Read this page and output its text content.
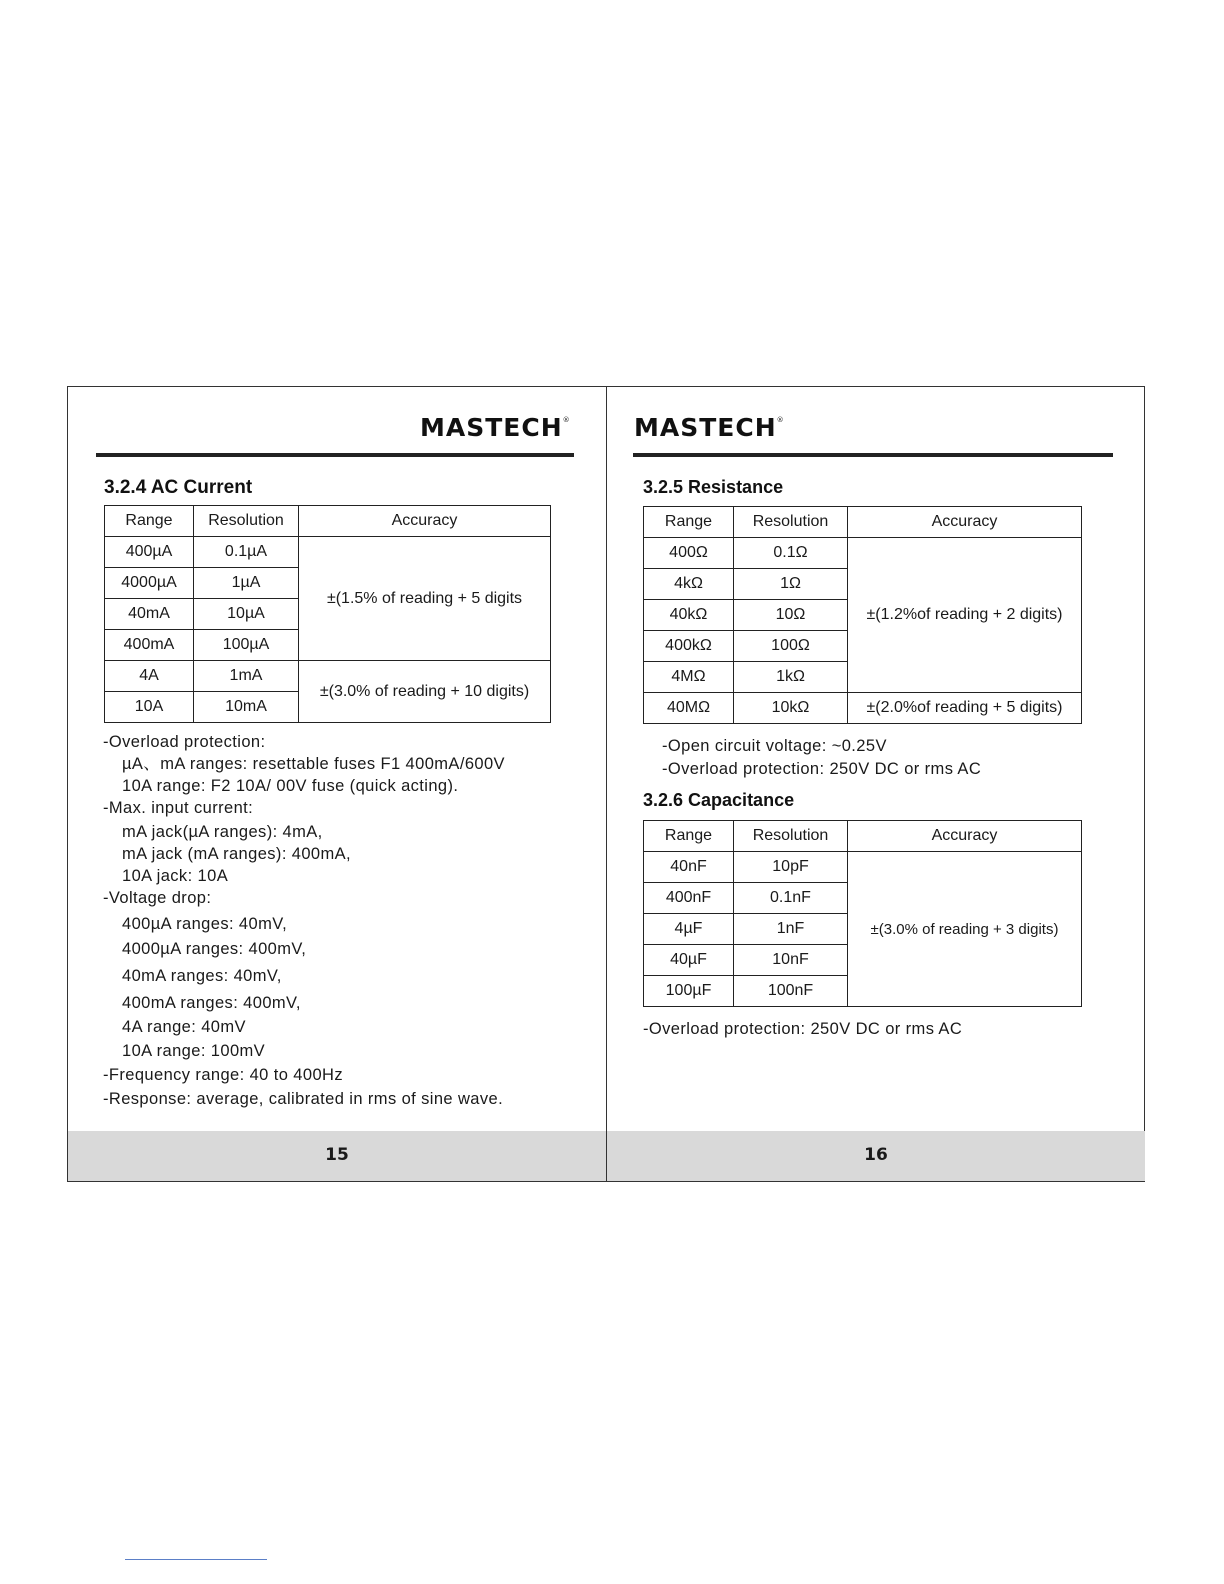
MASTECH®
3.2.4 AC Current
Range	Resolution	Accuracy
400µA	0.1µA	±(1.5% of reading + 5 digits
4000µA	1µA	
40mA	10µA	
400mA	100µA	
4A	1mA	±(3.0% of reading + 10 digits)
10A	10mA	
-Overload protection:
µA、mA ranges: resettable fuses F1 400mA/600V
10A range: F2 10A/ 00V fuse (quick acting).
-Max. input current:
mA jack(µA ranges): 4mA,
mA jack (mA ranges): 400mA,
10A jack: 10A
-Voltage drop:
400µA ranges: 40mV,
4000µA ranges: 400mV,
40mA ranges: 40mV,
400mA ranges: 400mV,
4A range: 40mV
10A range: 100mV
-Frequency range: 40 to 400Hz
-Response: average, calibrated in rms of sine wave.
15
MASTECH®
3.2.5 Resistance
Range	Resolution	Accuracy
400Ω	0.1Ω	±(1.2%of reading + 2 digits)
4kΩ	1Ω	
40kΩ	10Ω	
400kΩ	100Ω	
4MΩ	1kΩ	
40MΩ	10kΩ	±(2.0%of reading + 5 digits)
-Open circuit voltage: ~0.25V
-Overload protection: 250V DC or rms AC
3.2.6 Capacitance
Range	Resolution	Accuracy
40nF	10pF	±(3.0% of reading + 3 digits)
400nF	0.1nF	
4µF	1nF	
40µF	10nF	
100µF	100nF	
-Overload protection: 250V DC or rms AC
16
